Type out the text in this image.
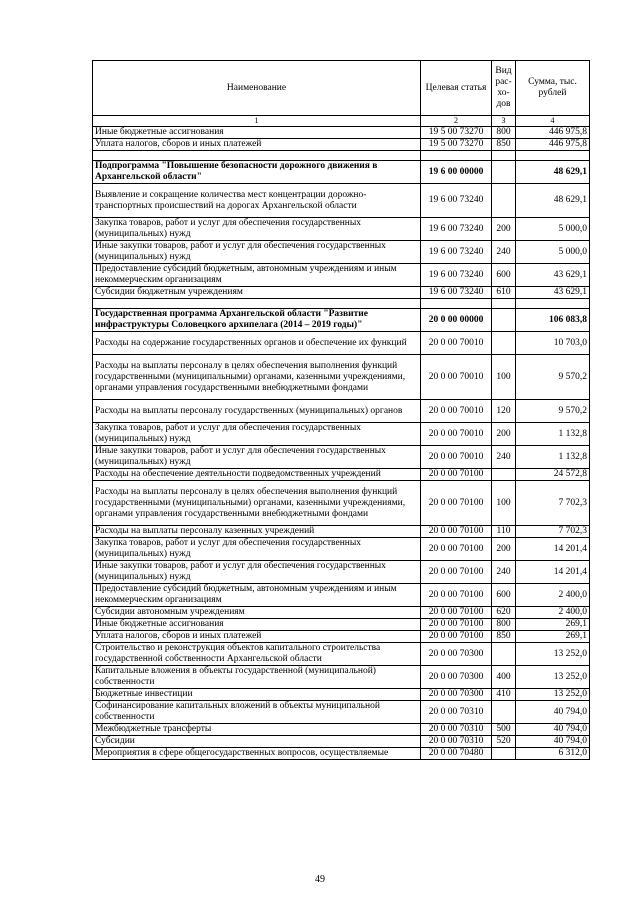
Наименование	Целевая статья	Вид рас-хо-дов	Сумма, тыс. рублей
1	2	3	4
Иные бюджетные ассигнования	19 5 00 73270	800	446 975,8
Уплата налогов, сборов и иных платежей	19 5 00 73270	850	446 975,8

Подпрограмма "Повышение безопасности дорожного движения в Архангельской области"	19 6 00 00000		48 629,1
Выявление и сокращение количества мест концентрации дорожно-транспортных происшествий на дорогах Архангельской области	19 6 00 73240		48 629,1
Закупка товаров, работ и услуг для обеспечения государственных (муниципальных) нужд	19 6 00 73240	200	5 000,0
Иные закупки товаров, работ и услуг для обеспечения государственных (муниципальных) нужд	19 6 00 73240	240	5 000,0
Предоставление субсидий бюджетным, автономным учреждениям и иным некоммерческим организациям	19 6 00 73240	600	43 629,1
Субсидии бюджетным учреждениям	19 6 00 73240	610	43 629,1

Государственная программа Архангельской области "Развитие инфраструктуры Соловецкого архипелага (2014 – 2019 годы)"	20 0 00 00000		106 083,8
Расходы на содержание государственных органов и обеспечение их функций	20 0 00 70010		10 703,0
Расходы на выплаты персоналу в целях обеспечения выполнения функций государственными (муниципальными) органами, казенными учреждениями, органами управления государственными внебюджетными фондами	20 0 00 70010	100	9 570,2
Расходы на выплаты персоналу государственных (муниципальных) органов	20 0 00 70010	120	9 570,2
Закупка товаров, работ и услуг для обеспечения государственных (муниципальных) нужд	20 0 00 70010	200	1 132,8
Иные закупки товаров, работ и услуг для обеспечения государственных (муниципальных) нужд	20 0 00 70010	240	1 132,8
Расходы на обеспечение деятельности подведомственных учреждений	20 0 00 70100		24 572,8
Расходы на выплаты персоналу в целях обеспечения выполнения функций государственными (муниципальными) органами, казенными учреждениями, органами управления государственными внебюджетными фондами	20 0 00 70100	100	7 702,3
Расходы на выплаты персоналу казенных учреждений	20 0 00 70100	110	7 702,3
Закупка товаров, работ и услуг для обеспечения государственных (муниципальных) нужд	20 0 00 70100	200	14 201,4
Иные закупки товаров, работ и услуг для обеспечения государственных (муниципальных) нужд	20 0 00 70100	240	14 201,4
Предоставление субсидий бюджетным, автономным учреждениям и иным некоммерческим организациям	20 0 00 70100	600	2 400,0
Субсидии автономным учреждениям	20 0 00 70100	620	2 400,0
Иные бюджетные ассигнования	20 0 00 70100	800	269,1
Уплата налогов, сборов и иных платежей	20 0 00 70100	850	269,1
Строительство и реконструкция объектов капитального строительства государственной собственности Архангельской области	20 0 00 70300		13 252,0
Капитальные вложения в объекты государственной (муниципальной) собственности	20 0 00 70300	400	13 252,0
Бюджетные инвестиции	20 0 00 70300	410	13 252,0
Софинансирование капитальных вложений в объекты муниципальной собственности	20 0 00 70310		40 794,0
Межбюджетные трансферты	20 0 00 70310	500	40 794,0
Субсидии	20 0 00 70310	520	40 794,0
Мероприятия в сфере общегосударственных вопросов, осуществляемые	20 0 00 70480		6 312,0
49
